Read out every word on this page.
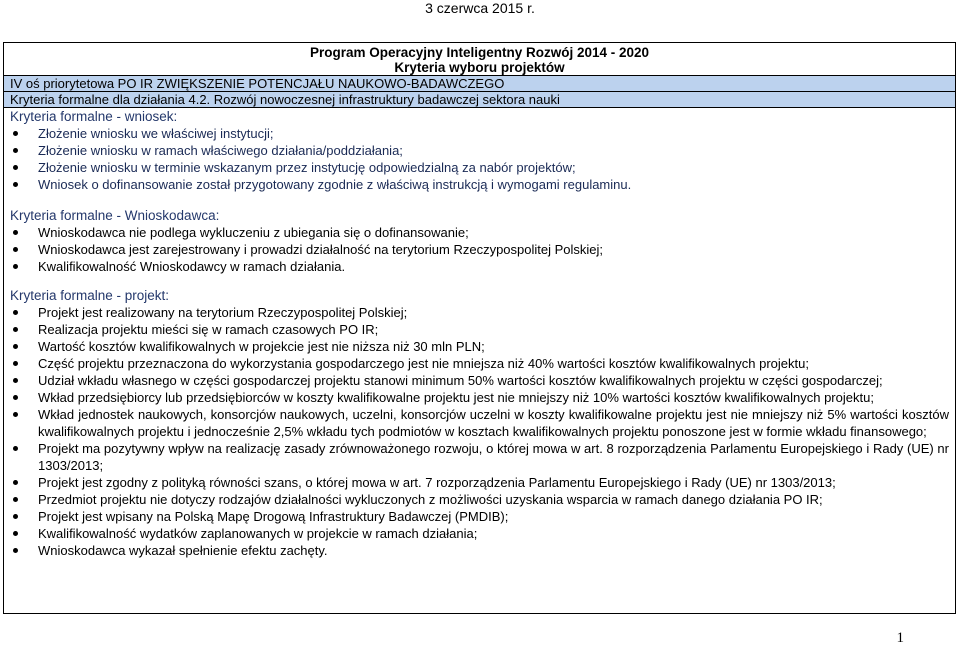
3 czerwca 2015 r.
Program Operacyjny Inteligentny Rozwój 2014 - 2020
Kryteria wyboru projektów
IV oś priorytetowa PO IR ZWIĘKSZENIE POTENCJAŁU NAUKOWO-BADAWCZEGO
Kryteria formalne dla działania 4.2. Rozwój nowoczesnej infrastruktury badawczej sektora nauki
Kryteria formalne - wniosek:
Złożenie wniosku we właściwej instytucji;
Złożenie wniosku w ramach właściwego działania/poddziałania;
Złożenie wniosku w terminie wskazanym przez instytucję odpowiedzialną za nabór projektów;
Wniosek o dofinansowanie został przygotowany zgodnie z właściwą instrukcją i wymogami regulaminu.
Kryteria formalne - Wnioskodawca:
Wnioskodawca nie podlega wykluczeniu z ubiegania się o dofinansowanie;
Wnioskodawca jest zarejestrowany i prowadzi działalność na terytorium Rzeczypospolitej Polskiej;
Kwalifikowalność Wnioskodawcy w ramach działania.
Kryteria formalne - projekt:
Projekt jest realizowany na terytorium Rzeczypospolitej Polskiej;
Realizacja projektu mieści się w ramach czasowych PO IR;
Wartość kosztów kwalifikowalnych w projekcie jest nie niższa niż 30 mln PLN;
Część projektu przeznaczona do wykorzystania gospodarczego jest nie mniejsza niż 40% wartości kosztów kwalifikowalnych projektu;
Udział wkładu własnego w części gospodarczej projektu stanowi minimum 50% wartości kosztów kwalifikowalnych projektu w części gospodarczej;
Wkład przedsiębiorcy lub przedsiębiorców w koszty kwalifikowalne projektu jest nie mniejszy niż 10% wartości kosztów kwalifikowalnych projektu;
Wkład jednostek naukowych, konsorcjów naukowych, uczelni, konsorcjów uczelni w koszty kwalifikowalne projektu jest nie mniejszy niż 5% wartości kosztów kwalifikowalnych projektu i jednocześnie 2,5% wkładu tych podmiotów w kosztach kwalifikowalnych projektu ponoszone jest w formie wkładu finansowego;
Projekt ma pozytywny wpływ na realizację zasady zrównoważonego rozwoju, o której mowa w art. 8 rozporządzenia Parlamentu Europejskiego i Rady (UE) nr 1303/2013;
Projekt jest zgodny z polityką równości szans, o której mowa w art. 7 rozporządzenia Parlamentu Europejskiego i Rady (UE) nr 1303/2013;
Przedmiot projektu nie dotyczy rodzajów działalności wykluczonych z możliwości uzyskania wsparcia w ramach danego działania PO IR;
Projekt jest wpisany na Polską Mapę Drogową Infrastruktury Badawczej (PMDIB);
Kwalifikowalność wydatków zaplanowanych w projekcie w ramach działania;
Wnioskodawca wykazał spełnienie efektu zachęty.
1
